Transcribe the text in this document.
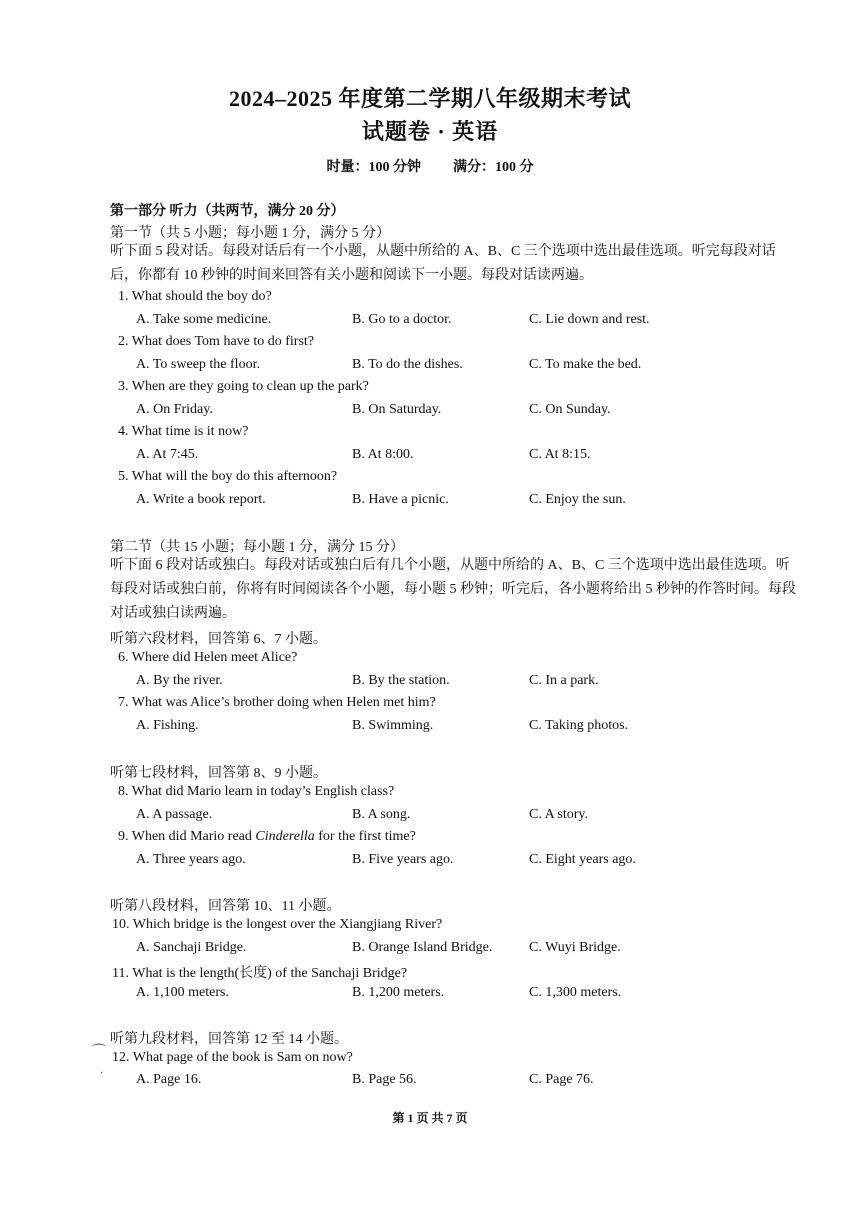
2024–2025 年度第二学期八年级期末考试
试题卷 · 英语
时量：100 分钟 满分：100 分
第一部分 听力（共两节，满分 20 分）
第一节（共 5 小题；每小题 1 分，满分 5 分）
听下面 5 段对话。每段对话后有一个小题，从题中所给的 A、B、C 三个选项中选出最佳选项。听完每段对话后，你都有 10 秒钟的时间来回答有关小题和阅读下一小题。每段对话读两遍。
1. What should the boy do?
A. Take some medicine.	B. Go to a doctor.	C. Lie down and rest.
2. What does Tom have to do first?
A. To sweep the floor.	B. To do the dishes.	C. To make the bed.
3. When are they going to clean up the park?
A. On Friday.	B. On Saturday.	C. On Sunday.
4. What time is it now?
A. At 7:45.	B. At 8:00.	C. At 8:15.
5. What will the boy do this afternoon?
A. Write a book report.	B. Have a picnic.	C. Enjoy the sun.
第二节（共 15 小题；每小题 1 分，满分 15 分）
听下面 6 段对话或独白。每段对话或独白后有几个小题，从题中所给的 A、B、C 三个选项中选出最佳选项。听每段对话或独白前，你将有时间阅读各个小题，每小题 5 秒钟；听完后，各小题将给出 5 秒钟的作答时间。每段对话或独白读两遍。
听第六段材料，回答第 6、7 小题。
6. Where did Helen meet Alice?
A. By the river.	B. By the station.	C. In a park.
7. What was Alice’s brother doing when Helen met him?
A. Fishing.	B. Swimming.	C. Taking photos.
听第七段材料，回答第 8、9 小题。
8. What did Mario learn in today’s English class?
A. A passage.	B. A song.	C. A story.
9. When did Mario read Cinderella for the first time?
A. Three years ago.	B. Five years ago.	C. Eight years ago.
听第八段材料，回答第 10、11 小题。
10. Which bridge is the longest over the Xiangjiang River?
A. Sanchaji Bridge.	B. Orange Island Bridge.	C. Wuyi Bridge.
11. What is the length(长度) of the Sanchaji Bridge?
A. 1,100 meters.	B. 1,200 meters.	C. 1,300 meters.
听第九段材料，回答第 12 至 14 小题。
⌒ 12. What page of the book is Sam on now?
· A. Page 16.	B. Page 56.	C. Page 76.
第 1 页 共 7 页
